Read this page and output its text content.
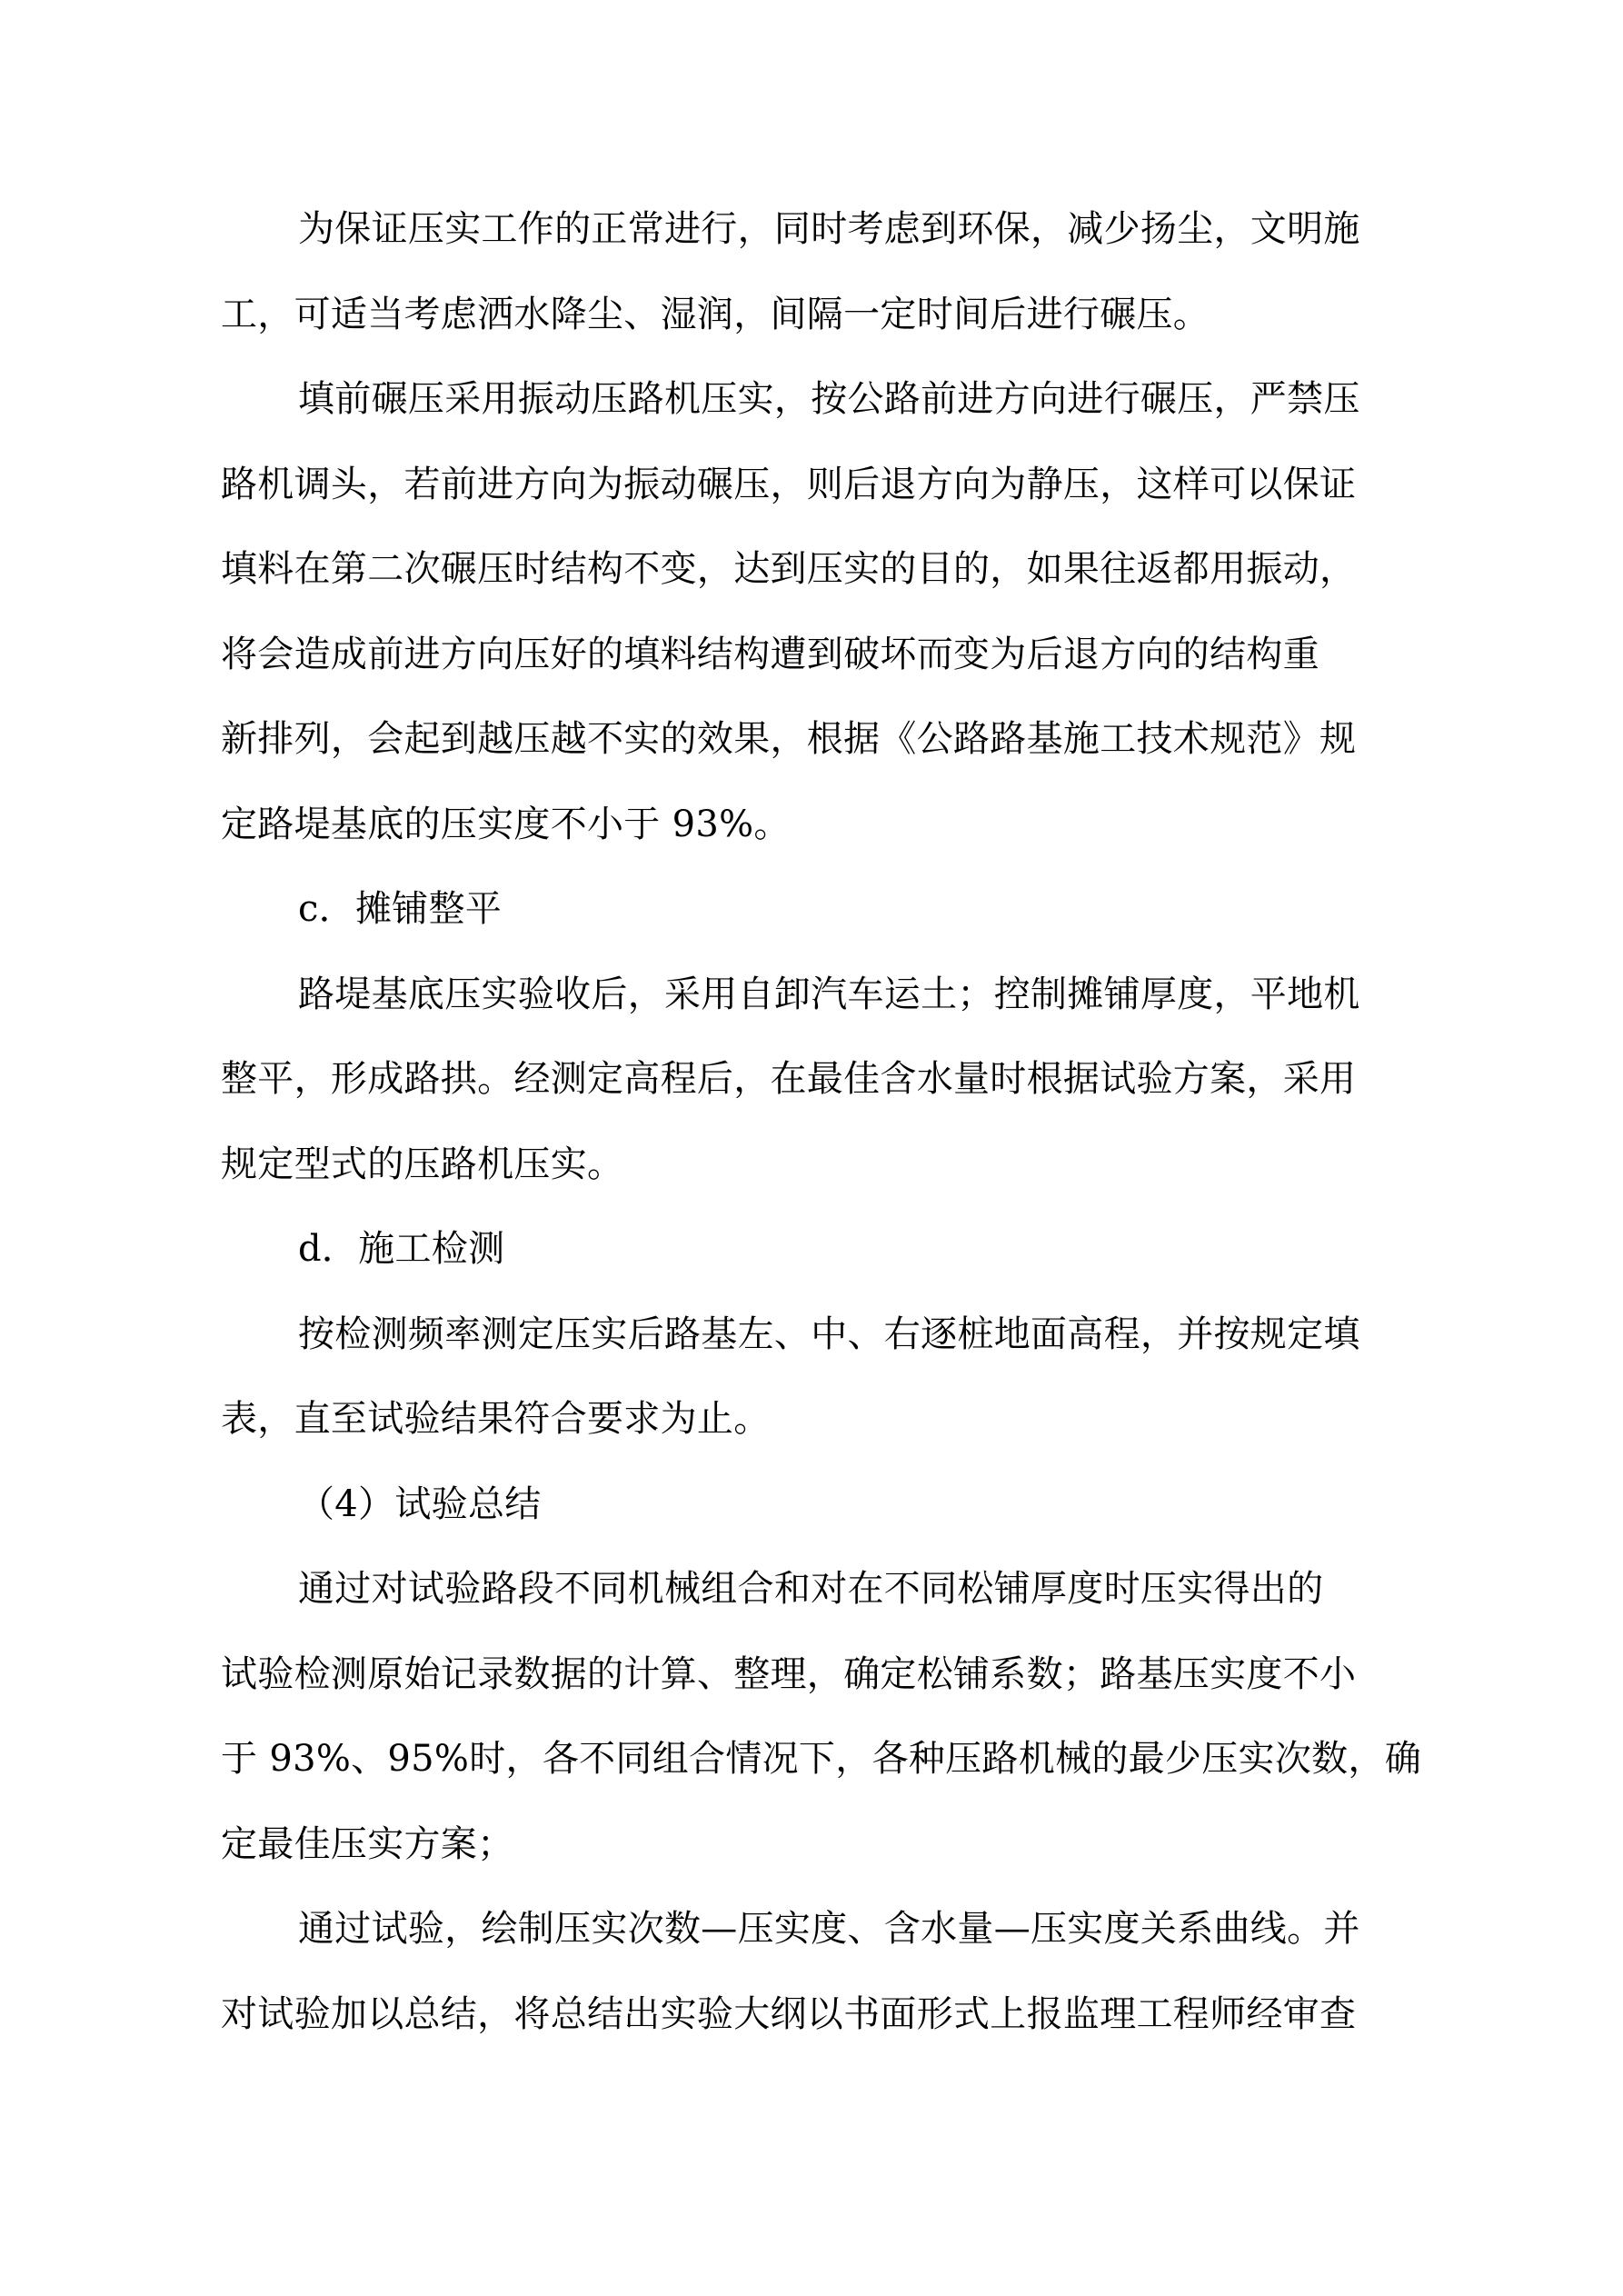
为保证压实工作的正常进行，同时考虑到环保，减少扬尘，文明施
工，可适当考虑洒水降尘、湿润，间隔一定时间后进行碾压。
填前碾压采用振动压路机压实，按公路前进方向进行碾压，严禁压
路机调头，若前进方向为振动碾压，则后退方向为静压，这样可以保证
填料在第二次碾压时结构不变，达到压实的目的，如果往返都用振动，
将会造成前进方向压好的填料结构遭到破坏而变为后退方向的结构重
新排列，会起到越压越不实的效果，根据《公路路基施工技术规范》规
定路堤基底的压实度不小于 93%。
c．摊铺整平
路堤基底压实验收后，采用自卸汽车运土；控制摊铺厚度，平地机
整平，形成路拱。经测定高程后，在最佳含水量时根据试验方案，采用
规定型式的压路机压实。
d．施工检测
按检测频率测定压实后路基左、中、右逐桩地面高程，并按规定填
表，直至试验结果符合要求为止。
（4）试验总结
通过对试验路段不同机械组合和对在不同松铺厚度时压实得出的
试验检测原始记录数据的计算、整理，确定松铺系数；路基压实度不小
于 93%、95%时，各不同组合情况下，各种压路机械的最少压实次数，确
定最佳压实方案；
通过试验，绘制压实次数—压实度、含水量—压实度关系曲线。并
对试验加以总结，将总结出实验大纲以书面形式上报监理工程师经审查
